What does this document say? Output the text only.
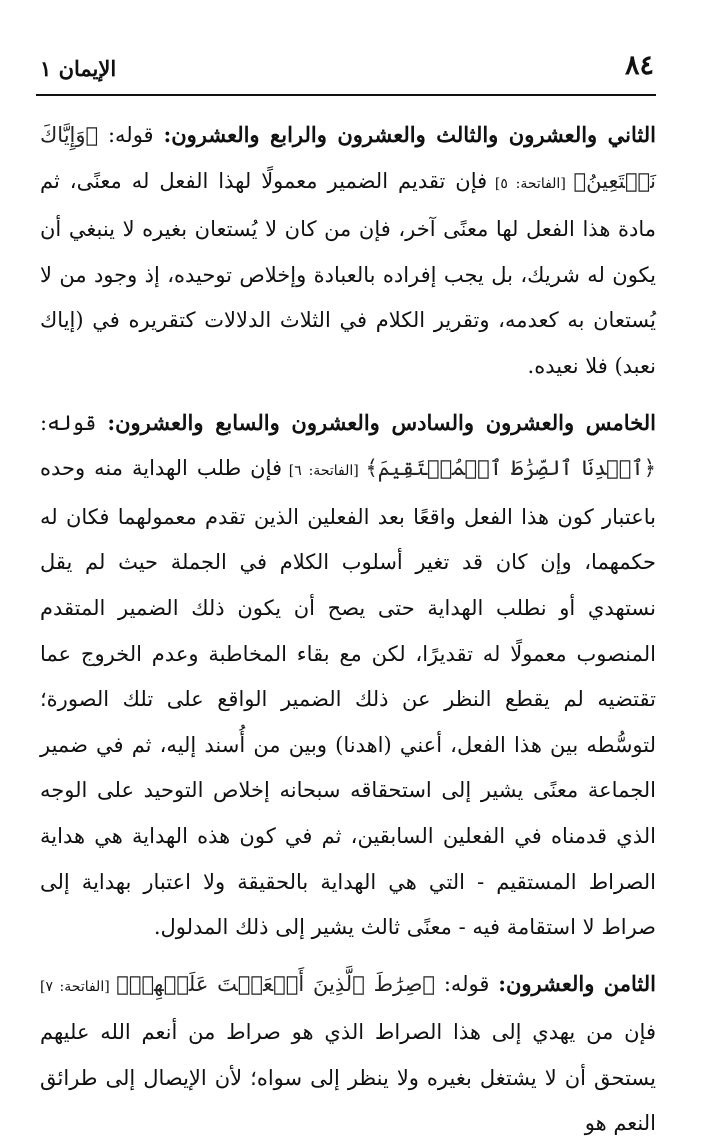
٨٤
الإيمان ١

الثاني والعشرون والثالث والعشرون والرابع والعشرون: قوله: ﴿وَإِيَّاكَ نَسۡتَعِينُ﴾ [الفاتحة: ٥] فإن تقديم الضمير معمولًا لهذا الفعل له معنًى، ثم مادة هذا الفعل لها معنًى آخر، فإن من كان لا يُستعان بغيره لا ينبغي أن يكون له شريك، بل يجب إفراده بالعبادة وإخلاص توحيده، إذ وجود من لا يُستعان به كعدمه، وتقرير الكلام في الثلاث الدلالات كتقريره في (إياك نعبد) فلا نعيده.

الخامس والعشرون والسادس والعشرون والسابع والعشرون: قوله: ﴿ٱهۡدِنَا ٱلصِّرَٰطَ ٱلۡمُسۡتَقِيمَ﴾ [الفاتحة: ٦] فإن طلب الهداية منه وحده باعتبار كون هذا الفعل واقعًا بعد الفعلين الذين تقدم معمولهما فكان له حكمهما، وإن كان قد تغير أسلوب الكلام في الجملة حيث لم يقل نستهدي أو نطلب الهداية حتى يصح أن يكون ذلك الضمير المتقدم المنصوب معمولًا له تقديرًا، لكن مع بقاء المخاطبة وعدم الخروج عما تقتضيه لم يقطع النظر عن ذلك الضمير الواقع على تلك الصورة؛ لتوسُّطه بين هذا الفعل، أعني (اهدنا) وبين من أُسند إليه، ثم في ضمير الجماعة معنًى يشير إلى استحقاقه سبحانه إخلاص التوحيد على الوجه الذي قدمناه في الفعلين السابقين، ثم في كون هذه الهداية هي هداية الصراط المستقيم - التي هي الهداية بالحقيقة ولا اعتبار بهداية إلى صراط لا استقامة فيه - معنًى ثالث يشير إلى ذلك المدلول.

الثامن والعشرون: قوله: ﴿صِرَٰطَ ٱلَّذِينَ أَنۡعَمۡتَ عَلَيۡهِمۡ﴾ [الفاتحة: ٧] فإن من يهدي إلى هذا الصراط الذي هو صراط من أنعم الله عليهم يستحق أن لا يشتغل بغيره ولا ينظر إلى سواه؛ لأن الإيصال إلى طرائق النعم هو
